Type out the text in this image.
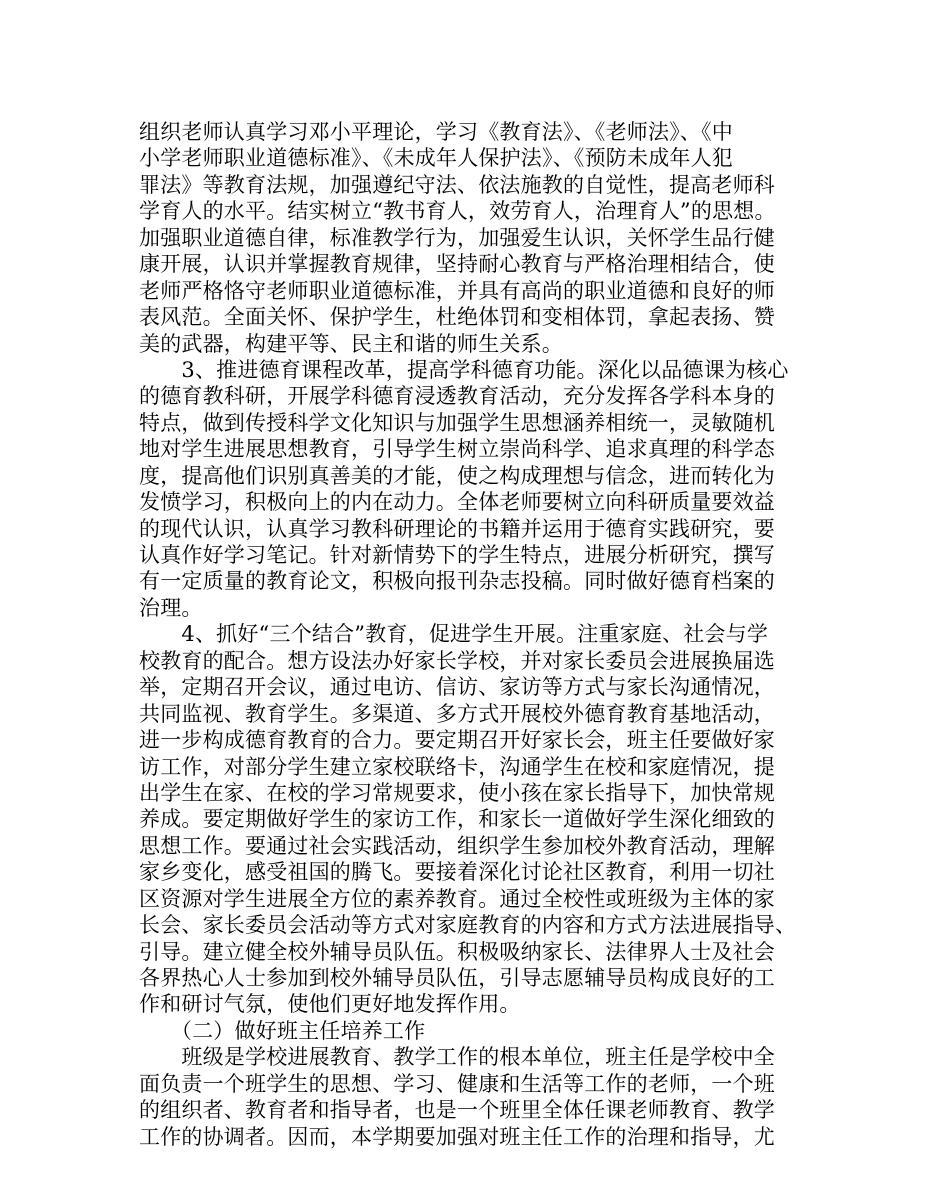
组织老师认真学习邓小平理论，学习《教育法》、《老师法》、《中
小学老师职业道德标准》、《未成年人保护法》、《预防未成年人犯
罪法》等教育法规，加强遵纪守法、依法施教的自觉性，提高老师科
学育人的水平。结实树立“教书育人，效劳育人，治理育人”的思想。
加强职业道德自律，标准教学行为，加强爱生认识，关怀学生品行健
康开展，认识并掌握教育规律，坚持耐心教育与严格治理相结合，使
老师严格恪守老师职业道德标准，并具有高尚的职业道德和良好的师
表风范。全面关怀、保护学生，杜绝体罚和变相体罚，拿起表扬、赞
美的武器，构建平等、民主和谐的师生关系。
　　3、推进德育课程改革，提高学科德育功能。深化以品德课为核心
的德育教科研，开展学科德育浸透教育活动，充分发挥各学科本身的
特点，做到传授科学文化知识与加强学生思想涵养相统一，灵敏随机
地对学生进展思想教育，引导学生树立崇尚科学、追求真理的科学态
度，提高他们识别真善美的才能，使之构成理想与信念，进而转化为
发愤学习，积极向上的内在动力。全体老师要树立向科研质量要效益
的现代认识，认真学习教科研理论的书籍并运用于德育实践研究，要
认真作好学习笔记。针对新情势下的学生特点，进展分析研究，撰写
有一定质量的教育论文，积极向报刊杂志投稿。同时做好德育档案的
治理。
　　4、抓好“三个结合”教育，促进学生开展。注重家庭、社会与学
校教育的配合。想方设法办好家长学校，并对家长委员会进展换届选
举，定期召开会议，通过电访、信访、家访等方式与家长沟通情况，
共同监视、教育学生。多渠道、多方式开展校外德育教育基地活动，
进一步构成德育教育的合力。要定期召开好家长会，班主任要做好家
访工作，对部分学生建立家校联络卡，沟通学生在校和家庭情况，提
出学生在家、在校的学习常规要求，使小孩在家长指导下，加快常规
养成。要定期做好学生的家访工作，和家长一道做好学生深化细致的
思想工作。要通过社会实践活动，组织学生参加校外教育活动，理解
家乡变化，感受祖国的腾飞。要接着深化讨论社区教育，利用一切社
区资源对学生进展全方位的素养教育。通过全校性或班级为主体的家
长会、家长委员会活动等方式对家庭教育的内容和方式方法进展指导、
引导。建立健全校外辅导员队伍。积极吸纳家长、法律界人士及社会
各界热心人士参加到校外辅导员队伍，引导志愿辅导员构成良好的工
作和研讨气氛，使他们更好地发挥作用。
　　（二）做好班主任培养工作
　　班级是学校进展教育、教学工作的根本单位，班主任是学校中全
面负责一个班学生的思想、学习、健康和生活等工作的老师，一个班
的组织者、教育者和指导者，也是一个班里全体任课老师教育、教学
工作的协调者。因而，本学期要加强对班主任工作的治理和指导，尤
